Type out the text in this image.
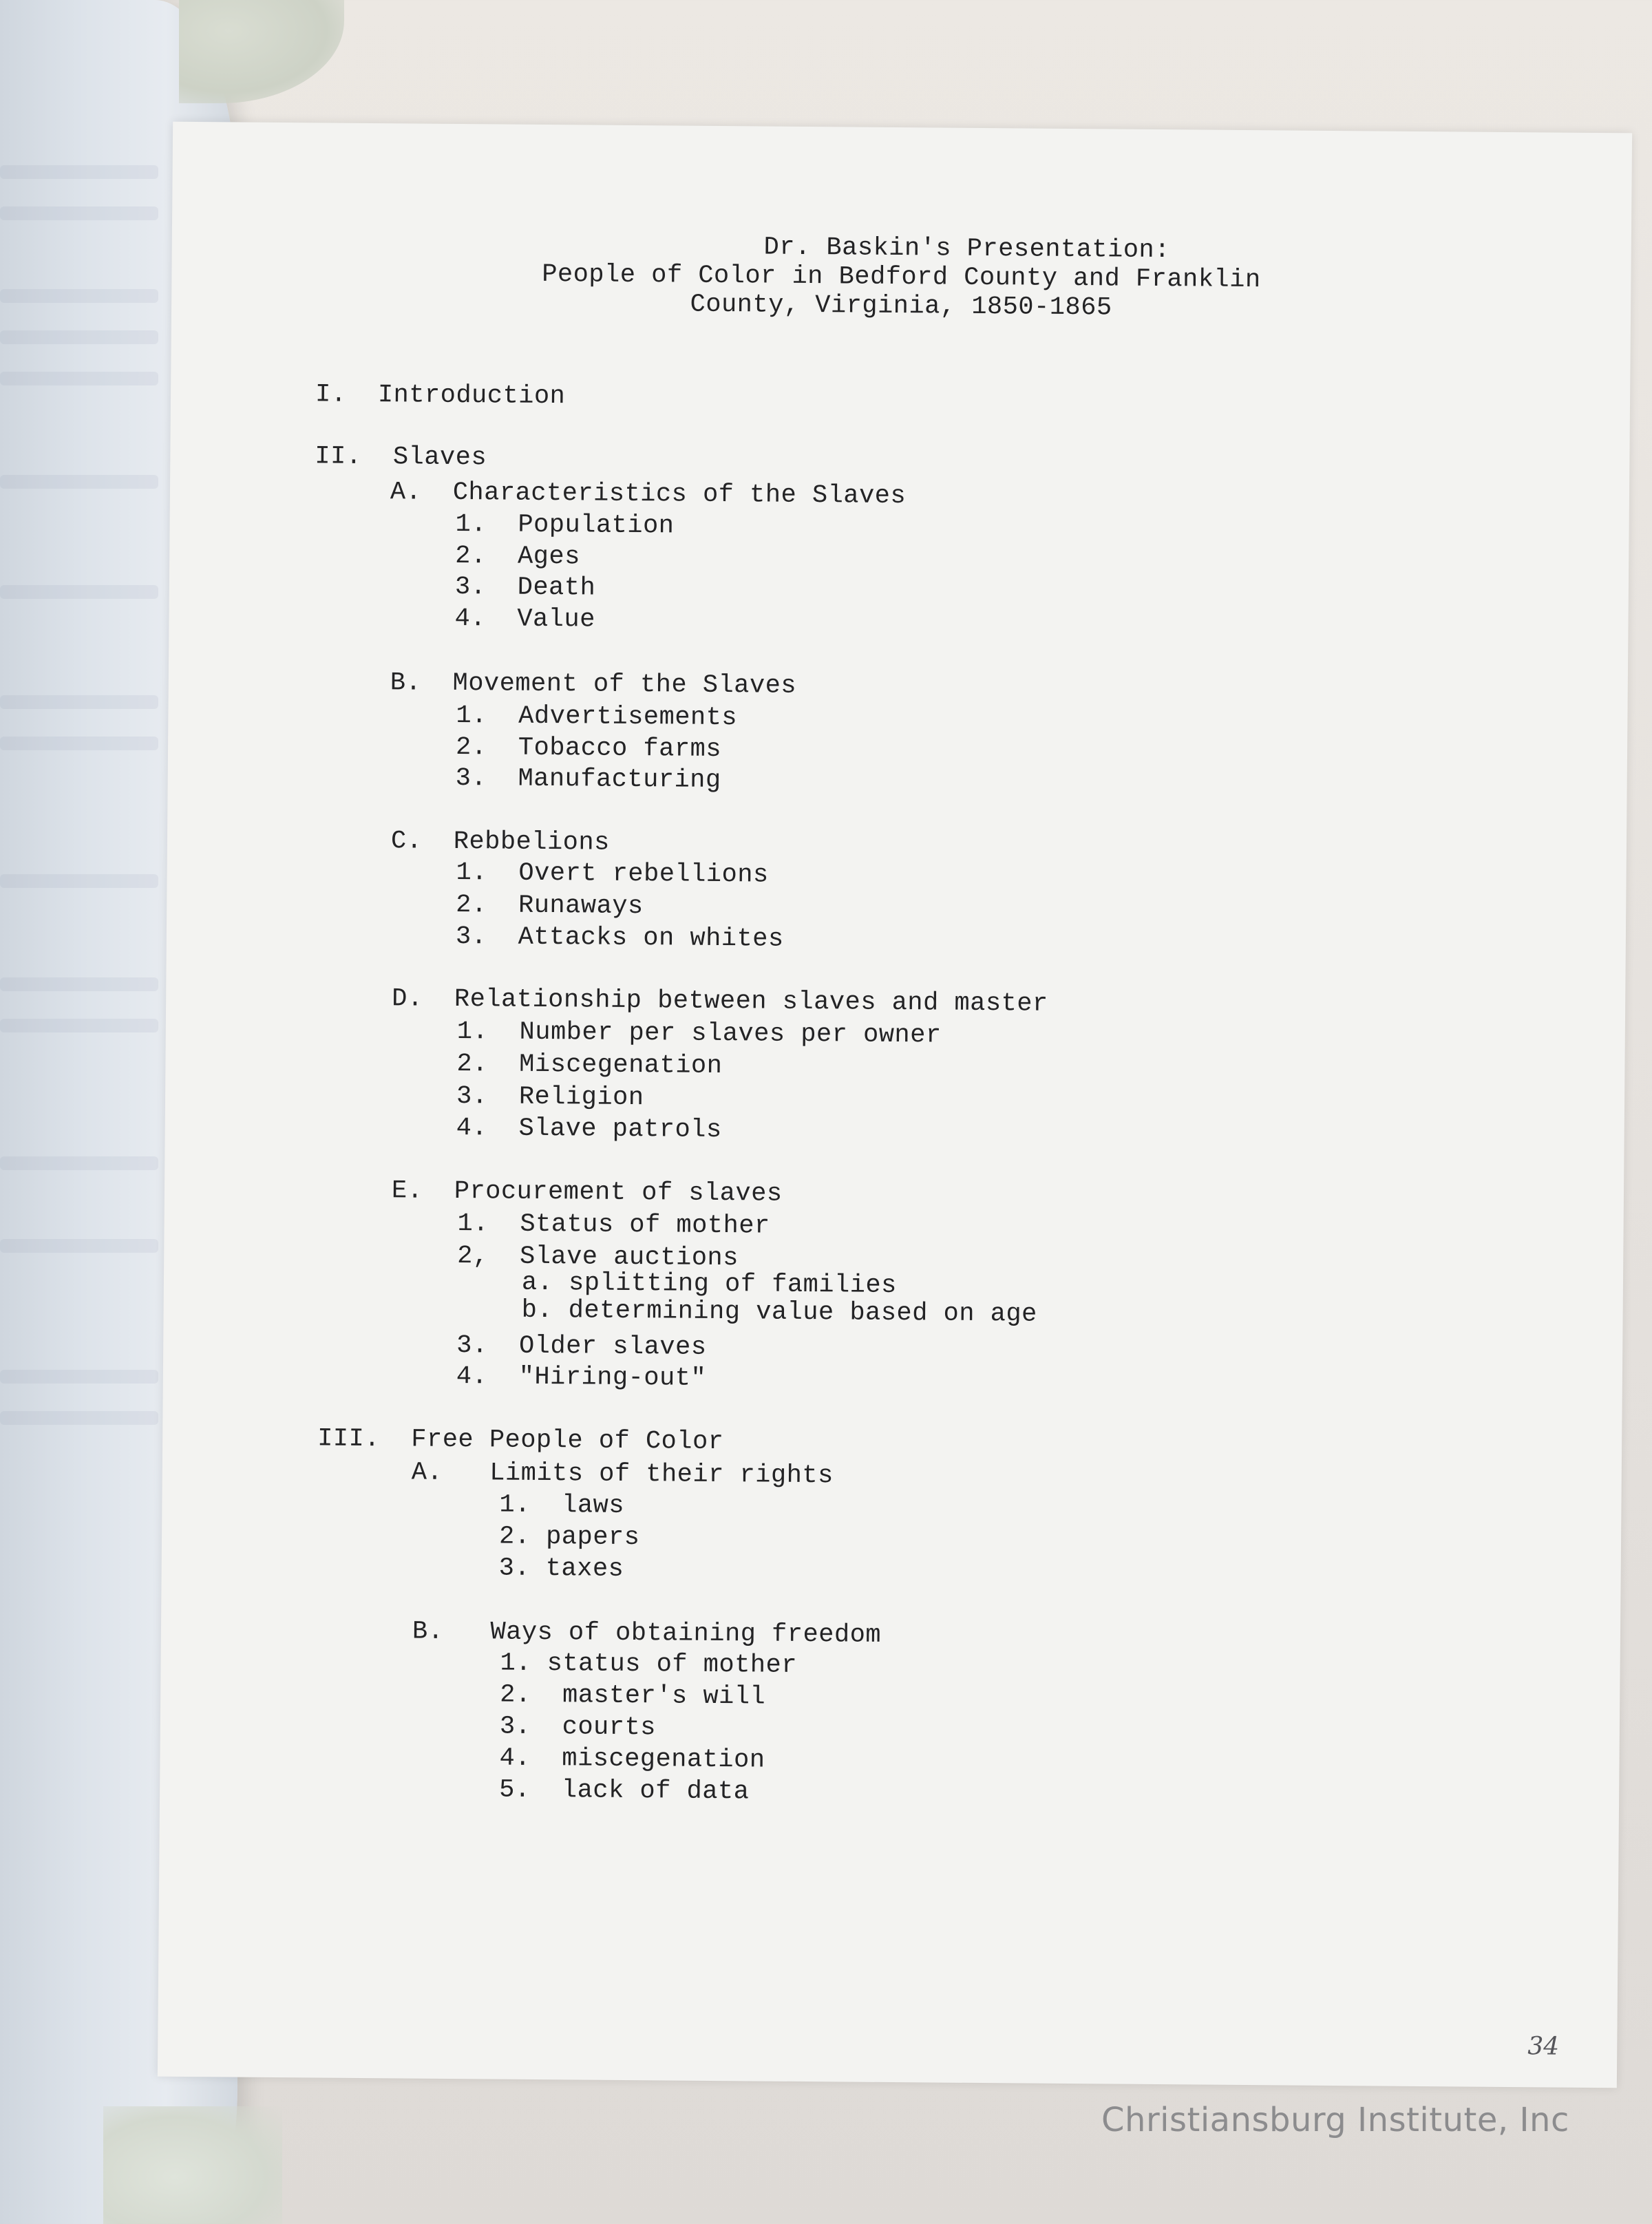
Dr. Baskin's Presentation:
People of Color in Bedford County and Franklin
County, Virginia, 1850-1865
I.  Introduction
II.  Slaves
A.  Characteristics of the Slaves
1.  Population
2.  Ages
3.  Death
4.  Value
B.  Movement of the Slaves
1.  Advertisements
2.  Tobacco farms
3.  Manufacturing
C.  Rebbelions
1.  Overt rebellions
2.  Runaways
3.  Attacks on whites
D.  Relationship between slaves and master
1.  Number per slaves per owner
2.  Miscegenation
3.  Religion
4.  Slave patrols
E.  Procurement of slaves
1.  Status of mother
2,  Slave auctions
a. splitting of families
b. determining value based on age
3.  Older slaves
4.  "Hiring-out"
III.  Free People of Color
A.   Limits of their rights
1.  laws
2. papers
3. taxes
B.   Ways of obtaining freedom
1. status of mother
2.  master's will
3.  courts
4.  miscegenation
5.  lack of data
34
Christiansburg Institute, Inc
